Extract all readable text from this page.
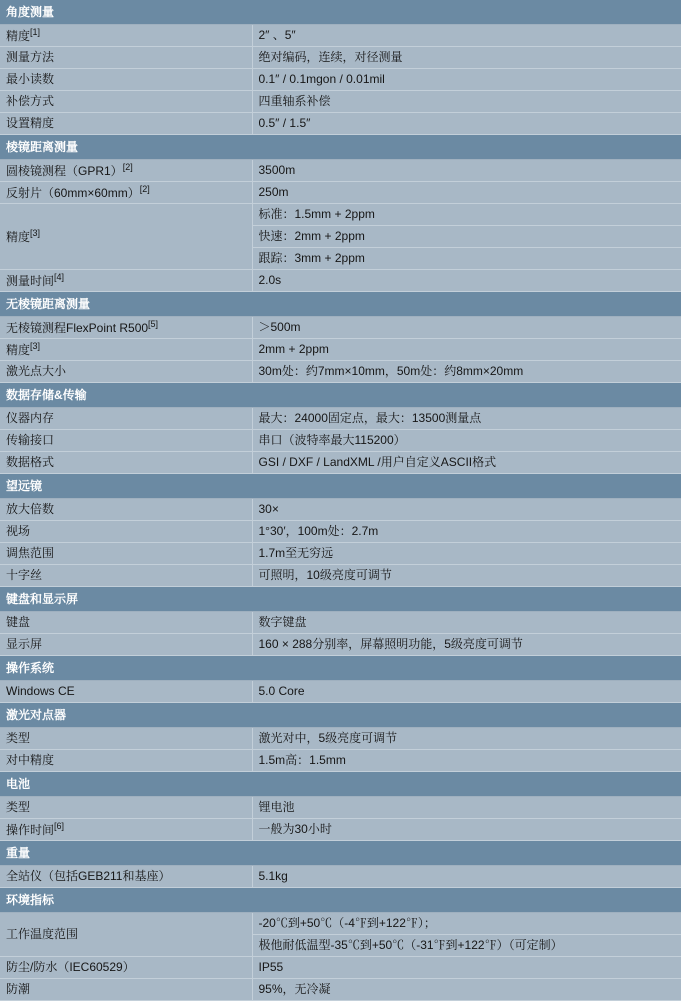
角度测量	
精度[1]	2″ 、5″
测量方法	绝对编码，连续，对径测量
最小读数	0.1″ / 0.1mgon / 0.01mil
补偿方式	四重轴系补偿
设置精度	0.5″ / 1.5″
棱镜距离测量	
圆棱镜测程（GPR1）[2]	3500m
反射片（60mm×60mm）[2]	250m
精度[3]	标准：1.5mm + 2ppm
	快速：2mm + 2ppm
	跟踪：3mm + 2ppm
测量时间[4]	2.0s
无棱镜距离测量	
无棱镜测程FlexPoint R500[5]	＞500m
精度[3]	2mm + 2ppm
激光点大小	30m处：约7mm×10mm，50m处：约8mm×20mm
数据存储&传输	
仪器内存	最大：24000固定点，最大：13500测量点
传输接口	串口（波特率最大115200）
数据格式	GSI / DXF / LandXML /用户自定义ASCII格式
望远镜	
放大倍数	30×
视场	1°30′，100m处：2.7m
调焦范围	1.7m至无穷远
十字丝	可照明，10级亮度可调节
键盘和显示屏	
键盘	数字键盘
显示屏	160 × 288分别率，屏幕照明功能，5级亮度可调节
操作系统	
Windows CE	5.0 Core
激光对点器	
类型	激光对中，5级亮度可调节
对中精度	1.5m高：1.5mm
电池	
类型	锂电池
操作时间[6]	一般为30小时
重量	
全站仪（包括GEB211和基座）	5.1kg
环境指标	
工作温度范围	-20℃到+50℃（-4℉到+122℉）；
	极他耐低温型-35℃到+50℃（-31℉到+122℉）（可定制）
防尘/防水（IEC60529）	IP55
防潮	95%，无冷凝
